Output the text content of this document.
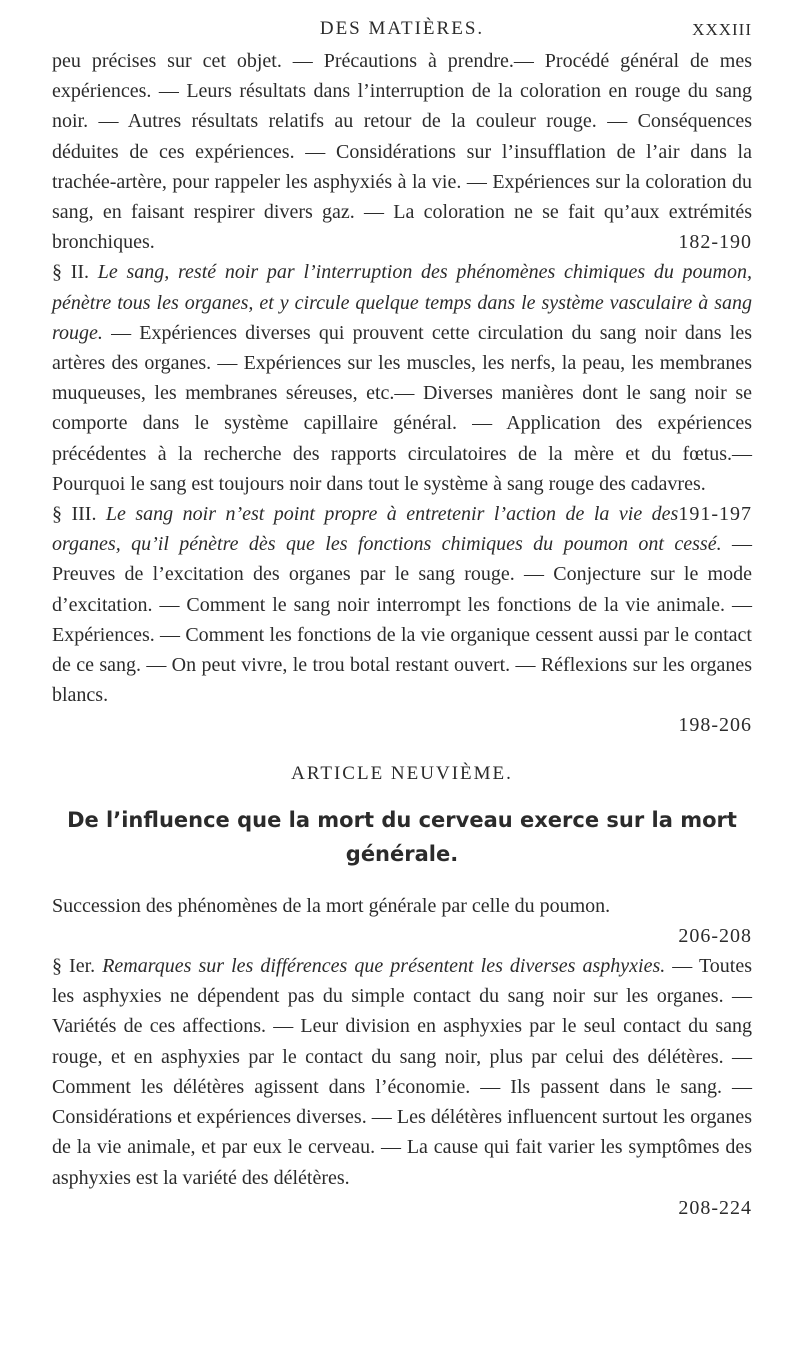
DES MATIÈRES.	XXXIII

peu précises sur cet objet. — Précautions à prendre.— Procédé général de mes expériences. — Leurs résultats dans l’interruption de la coloration en rouge du sang noir. — Autres résultats relatifs au retour de la couleur rouge. — Conséquences déduites de ces expériences. — Considérations sur l’insufflation de l’air dans la trachée-artère, pour rappeler les asphyxiés à la vie. — Expériences sur la coloration du sang, en faisant respirer divers gaz. — La coloration ne se fait qu’aux extrémités bronchiques.	182-190

§ II. Le sang, resté noir par l’interruption des phénomènes chimiques du poumon, pénètre tous les organes, et y circule quelque temps dans le système vasculaire à sang rouge. — Expériences diverses qui prouvent cette circulation du sang noir dans les artères des organes. — Expériences sur les muscles, les nerfs, la peau, les membranes muqueuses, les membranes séreuses, etc.— Diverses manières dont le sang noir se comporte dans le système capillaire général. — Application des expériences précédentes à la recherche des rapports circulatoires de la mère et du fœtus.— Pourquoi le sang est toujours noir dans tout le système à sang rouge des cadavres.
191-197

§ III. Le sang noir n’est point propre à entretenir l’action de la vie des organes, qu’il pénètre dès que les fonctions chimiques du poumon ont cessé. — Preuves de l’excitation des organes par le sang rouge. — Conjecture sur le mode d’excitation. — Comment le sang noir interrompt les fonctions de la vie animale. — Expériences. — Comment les fonctions de la vie organique cessent aussi par le contact de ce sang. — On peut vivre, le trou botal restant ouvert. — Réflexions sur les organes blancs.
198-206

ARTICLE NEUVIÈME.
De l’influence que la mort du cerveau exerce sur la mort générale.

Succession des phénomènes de la mort générale par celle du poumon.
206-208

§ Ier. Remarques sur les différences que présentent les diverses asphyxies. — Toutes les asphyxies ne dépendent pas du simple contact du sang noir sur les organes. — Variétés de ces affections. — Leur division en asphyxies par le seul contact du sang rouge, et en asphyxies par le contact du sang noir, plus par celui des délétères. — Comment les délétères agissent dans l’économie. — Ils passent dans le sang. — Considérations et expériences diverses. — Les délétères influencent surtout les organes de la vie animale, et par eux le cerveau. — La cause qui fait varier les symptômes des asphyxies est la variété des délétères.
208-224
